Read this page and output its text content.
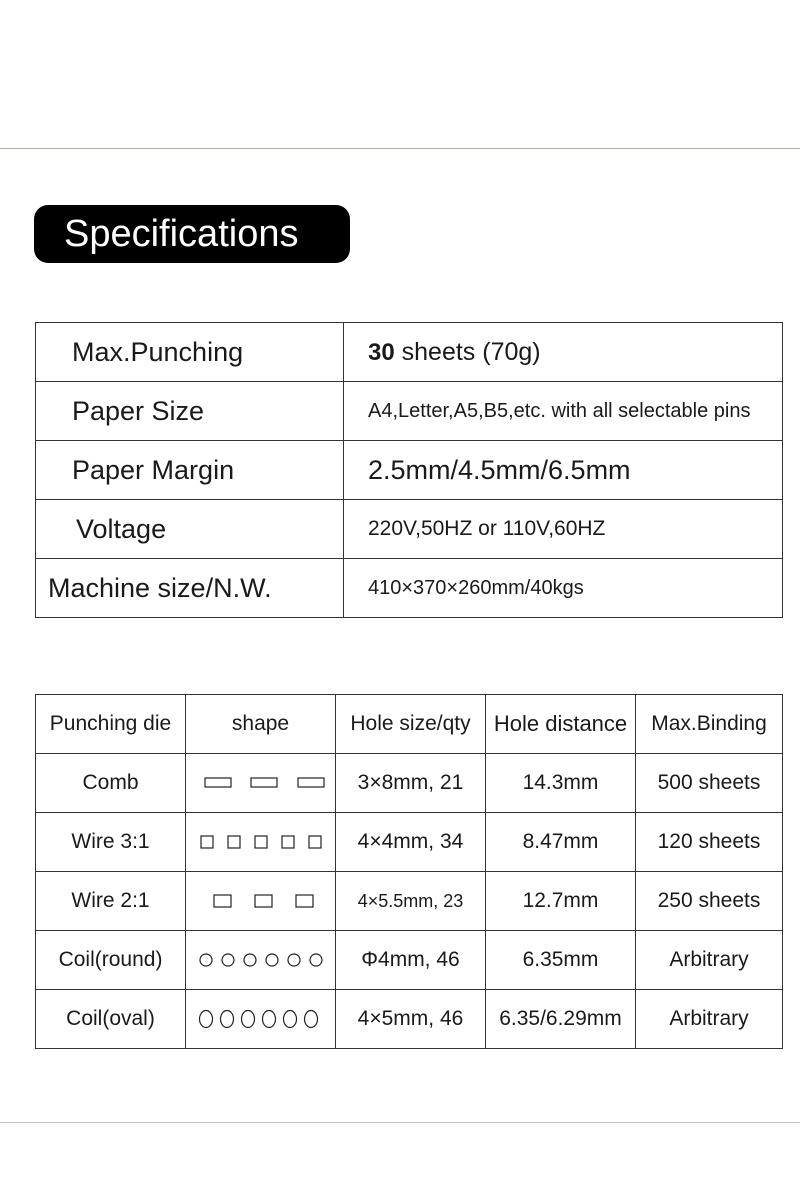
Specifications
Max.Punching	30 sheets (70g)
Paper Size	A4,Letter,A5,B5,etc. with all selectable pins
Paper Margin	2.5mm/4.5mm/6.5mm
Voltage	220V,50HZ or 110V,60HZ
Machine size/N.W.	410×370×260mm/40kgs
Punching die	shape	Hole size/qty	Hole distance	Max.Binding
Comb		3×8mm, 21	14.3mm	500 sheets
Wire 3:1		4×4mm, 34	8.47mm	120 sheets
Wire 2:1		4×5.5mm, 23	12.7mm	250 sheets
Coil(round)		Φ4mm, 46	6.35mm	Arbitrary
Coil(oval)		4×5mm, 46	6.35/6.29mm	Arbitrary
